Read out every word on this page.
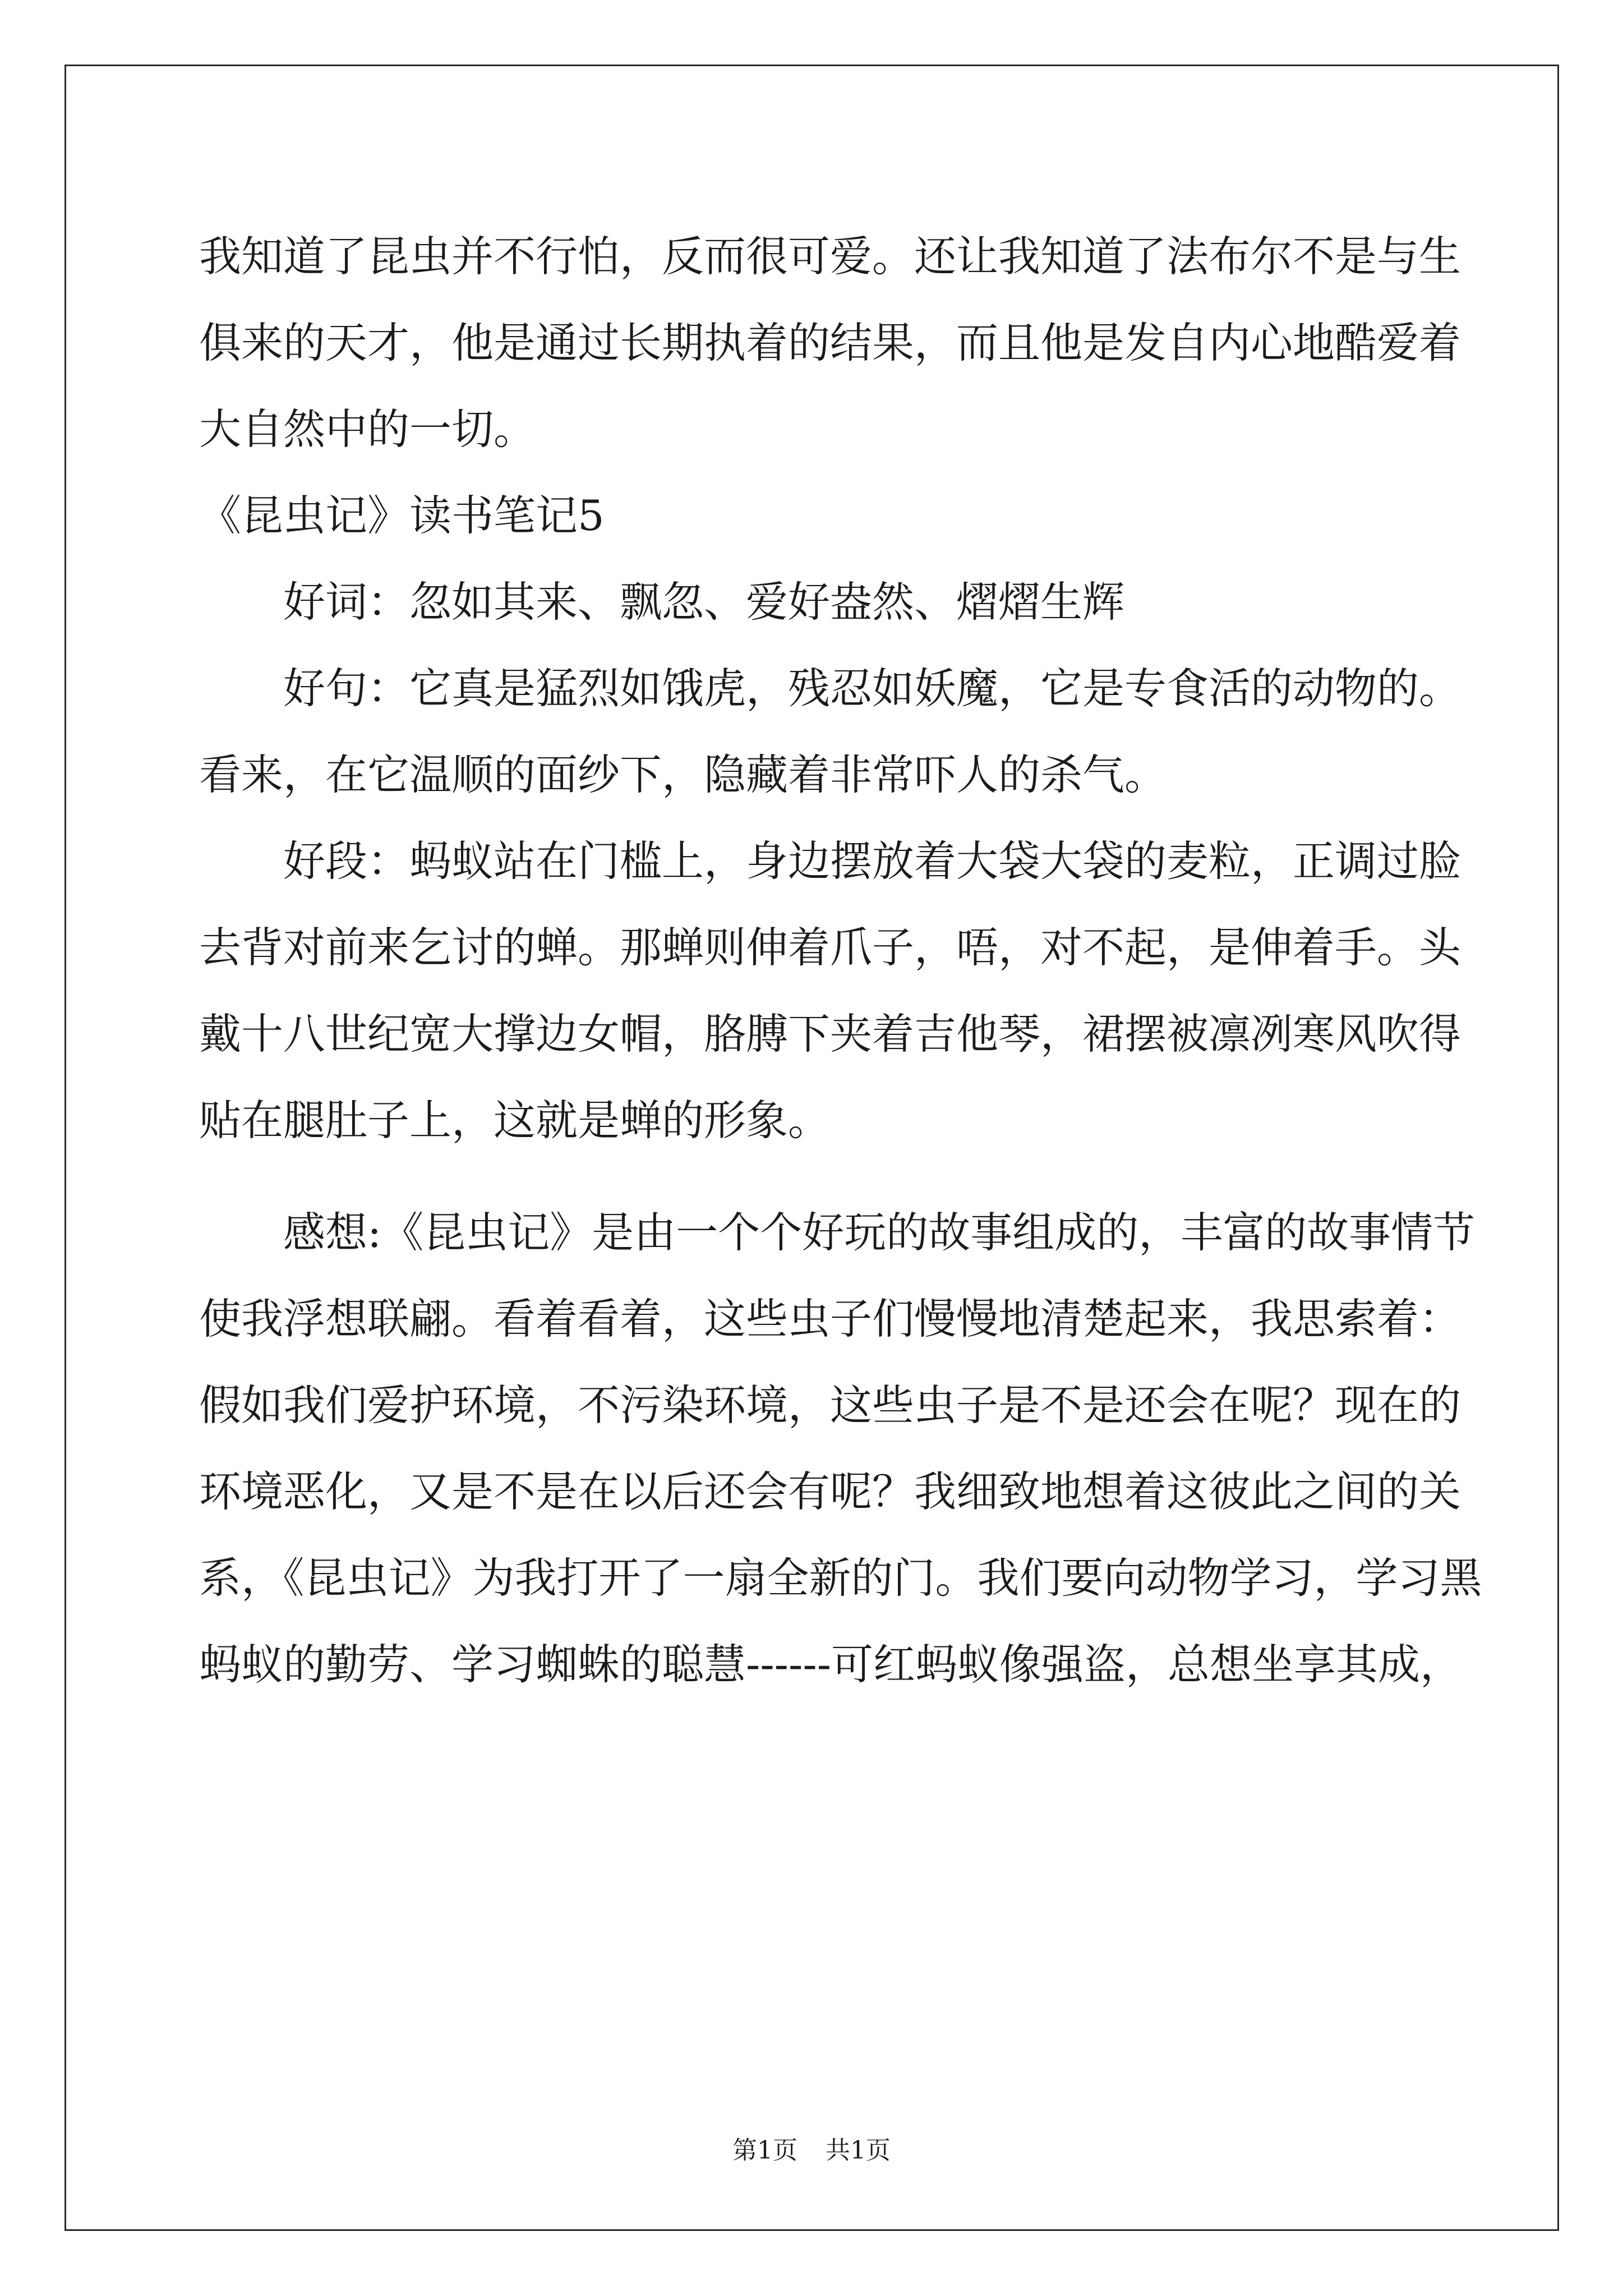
我知道了昆虫并不行怕，反而很可爱。还让我知道了法布尔不是与生
俱来的天才，他是通过长期执着的结果，而且他是发自内心地酷爱着
大自然中的一切。
《昆虫记》读书笔记5
好词：忽如其来、飘忽、爱好盎然、熠熠生辉
好句：它真是猛烈如饿虎，残忍如妖魔，它是专食活的动物的。
看来，在它温顺的面纱下，隐藏着非常吓人的杀气。
好段：蚂蚁站在门槛上，身边摆放着大袋大袋的麦粒，正调过脸
去背对前来乞讨的蝉。那蝉则伸着爪子，唔，对不起，是伸着手。头
戴十八世纪宽大撑边女帽，胳膊下夹着吉他琴，裙摆被凛冽寒风吹得
贴在腿肚子上，这就是蝉的形象。
感想:《昆虫记》是由一个个好玩的故事组成的，丰富的故事情节
使我浮想联翩。看着看着，这些虫子们慢慢地清楚起来，我思索着：
假如我们爱护环境，不污染环境，这些虫子是不是还会在呢？现在的
环境恶化，又是不是在以后还会有呢？我细致地想着这彼此之间的关
系，《昆虫记》为我打开了一扇全新的门。我们要向动物学习，学习黑
蚂蚁的勤劳、学习蜘蛛的聪慧------可红蚂蚁像强盗，总想坐享其成，
第1页 共1页
